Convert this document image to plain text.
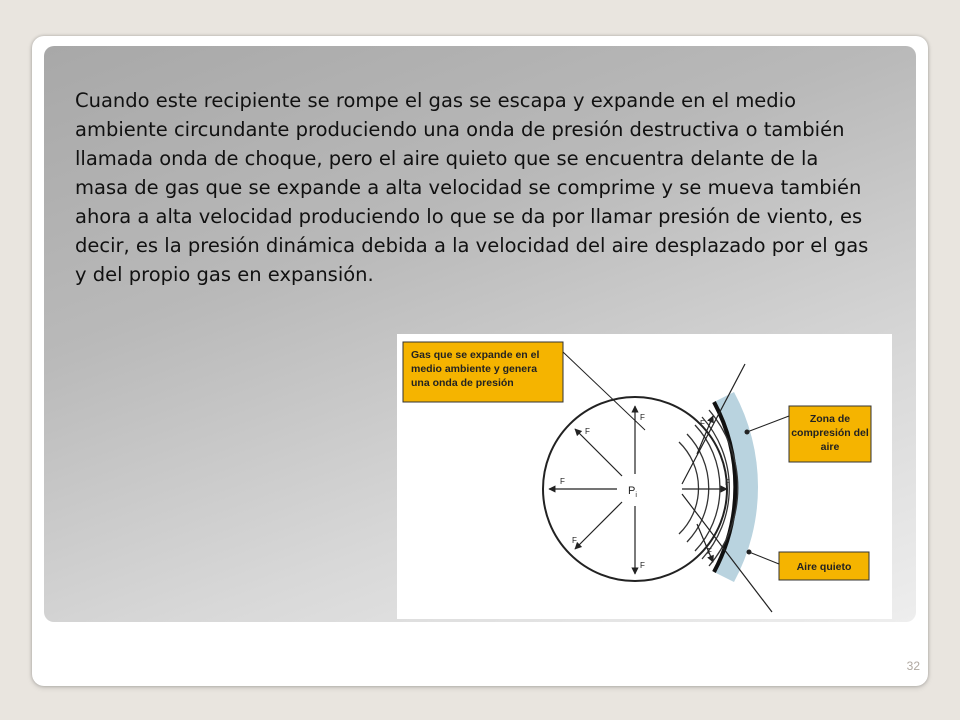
Cuando este recipiente se rompe el gas se escapa y expande en el medio ambiente circundante produciendo una onda de presión destructiva o también llamada onda de choque, pero el aire quieto que se encuentra delante de la masa de gas que se expande a alta velocidad se comprime y se mueva también ahora a alta velocidad produciendo lo que se da por llamar presión de viento, es decir, es la presión dinámica debida a la velocidad del aire desplazado por el gas y del propio gas en expansión.

F
F
F
F
F
F
F
F
$P_i$
Gas que se expande en el
medio ambiente y genera
una onda de presión
Zona de
compresión del
aire
Aire quieto
32
